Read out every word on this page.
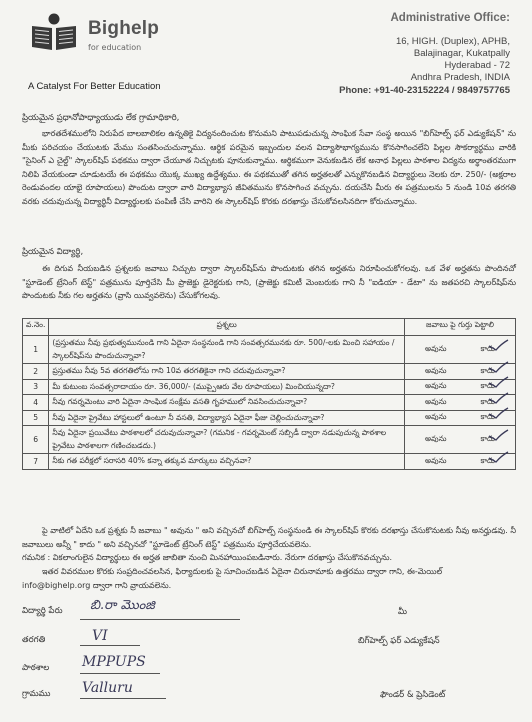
Bighelp
for education
A Catalyst For Better Education
Administrative Office:
16, HIGH. (Duplex), APHB,
Balajinagar, Kukatpally
Hyderabad - 72
Andhra Pradesh, INDIA
Phone: +91-40-23152224 / 9849757765
ప్రియమైన ప్రధానోపాధ్యాయుడు లేక గ్రామాధికారి,
భారతదేశములోని నిరుపేద బాలబాలికల ఉన్నతికై విద్యనందించుట కొనుమని పాటుపడుచున్న సాంఘిక సేవా సంస్థ అయిన "బిగ్‌హెల్ప్ ఫర్ ఎడ్యుకేషన్" ను మీకు పరిచయం చేయుటకు మేము సంతసించుచున్నాము. ఆర్థిక పరమైన ఇబ్బందుల వలన విద్యాసౌభాగ్యమును కొనసాగించలేని పిల్లల సౌకర్యార్థము వారికి "సైనింగ్ ఎ చైల్డ్" స్కాలర్‌షిప్ పథకము ద్వారా చేయూత నిచ్చుటకు పూనుకున్నాము. ఆర్థికముగా వెనుకబడిన లేక అనాధ పిల్లలు పాఠశాల విద్యను అర్థాంతరముగా నిలిపి వేయకుండా చూడుటయే ఈ పథకము యొక్క ముఖ్య ఉద్దేశ్యము. ఈ పథకముతో తగిన అర్హతలతో ఎన్నుకొనబడిన విద్యార్థులు నెలకు రూ. 250/- (అక్షరాల రెండువందల యాభై రూపాయలు) పొందుట ద్వారా వారి విద్యాభ్యాస జీవితమును కొనసాగించ వచ్చును. దయచేసి మీరు ఈ పత్రములను 5 నుండి 10వ తరగతి వరకు చదువుచున్న విద్యార్థినీ విద్యార్థులకు పంపిణీ చేసి వారిని ఈ స్కాలర్‌షిప్ కొరకు దరఖాస్తు చేసుకోవలసినదిగా కోరుచున్నాము.
ప్రియమైన విద్యార్థి,
ఈ దిగువ నీయబడిన ప్రశ్నలకు జవాబు నిచ్చుట ద్వారా స్కాలర్‌షిప్‌ను పొందుటకు తగిన అర్హతను నిరూపించుకోగలవు. ఒక వేళ అర్హతను పొందినచో "స్టూడెంట్ ట్రేనింగ్ టెస్ట్" పత్రమును పూర్తిచేసి మీ ప్రాజెక్టు డైరెక్టరుకు గాని, (ప్రాజెక్టు కమిటీ మెంబరుకు గాని నీ "ఐడియా - డేటా" ను జతపరచి స్కాలర్‌షిప్‌ను పొందుటకు నీకు గల అర్హతను (వ్రాసి యివ్వవలెను) చేసుకోగలవు.
వ.నెం.	ప్రశ్నలు	జవాబు పై గుర్తు పెట్టాలి
1	(ప్రస్తుతము నీవు ప్రభుత్వమునుండి గాని ఏదైనా సంస్థనుండి గాని సంవత్సరమునకు రూ. 500/-లకు మించి సహాయం / స్కాలర్‌షిప్‌ను పొందుచున్నావా?	అవును కాదు

2	ప్రస్తుతము నీవు 5వ తరగతిలోను గాని 10వ తరగతికైనా గాని చదువుచున్నావా?	అవును కాదు

3	మీ కుటుంబ సంవత్సరాదాయం రూ. 36,000/- (ముప్పైఆరు వేల రూపాయలు) మించియున్నదా?	అవును కాదు

4	నీవు గవర్నమెంటు వారి ఏదైనా సాంఘిక సంక్షేమ వసతి గృహములో నివసించుచున్నావా?	అవును కాదు

5	నీవు ఏదైనా ప్రైవేటు హాస్టలులో ఉంటూ నీ వసతి, విద్యాభ్యాస ఏదైనా ఫీజు చెల్లించుచున్నావా?	అవును కాదు

6	నీవు ఏదైనా ప్రయివేటు పాఠశాలలో చదువుచున్నావా? (గమనిక - గవర్నమెంట్ సబ్సిడీ ద్వారా నడుపుచున్న పాఠశాల ప్రైవేటు పాఠశాలగా గణించబడదు.)	అవును కాదు

7	నీకు గత పరీక్షలో సరాసరి 40% కన్నా తక్కువ మార్కులు వచ్చినవా?	అవును కాదు
పై వాటిలో ఏదేని ఒక ప్రశ్నకు నీ జవాబు " అవును " అని వచ్చినచో బిగ్‌హెల్ప్ సంస్థనుండి ఈ స్కాలర్‌షిప్ కొరకు దరఖాస్తు చేసుకొనుటకు నీవు అనర్హుడవు. నీ జవాబులు అన్నీ " కాదు " అని వచ్చినచో "స్టూడెంట్ ట్రేనింగ్ టెస్ట్" పత్రమును పూర్తిచేయవలెను.
గమనిక : వికలాంగులైన విద్యార్థులు ఈ అర్హత జాబితా నుంచి మినహాయింపబడినారు. నేరుగా దరఖాస్తు చేసుకొనవచ్చును.
ఇతర వివరముల కొరకు సంప్రదించవలసిన, ఫిర్యాదులకు పై సూచించబడిన ఏదైనా చిరునామాకు ఉత్తరము ద్వారా గాని, ఈ-మెయిల్
info@bighelp.org ద్వారా గాని వ్రాయవలెను.
విద్యార్థి పేరు	బి.రా మొంజి	మీ
తరగతి	VI	బిగ్‌హెల్ప్ ఫర్ ఎడ్యుకేషన్
పాఠశాల	MPPUPS
గ్రామము	Valluru	ఫౌండర్ & ప్రెసిడెంట్
